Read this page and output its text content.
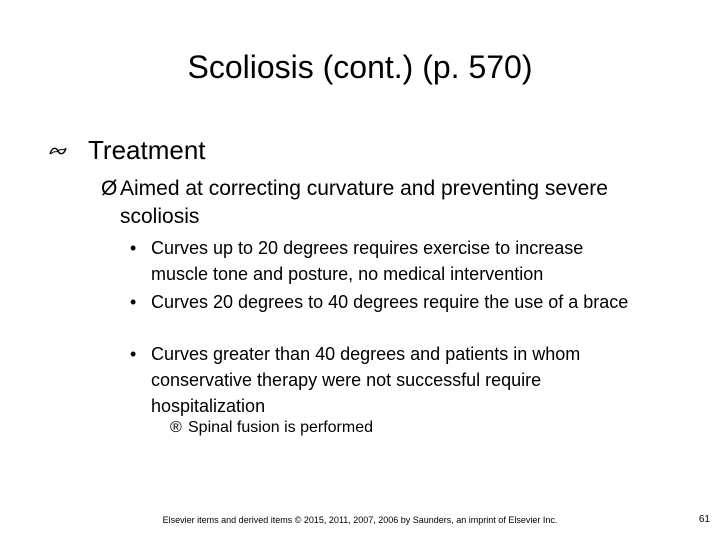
Scoliosis (cont.) (p. 570)
Treatment
Ø Aimed at correcting curvature and preventing severe scoliosis
• Curves up to 20 degrees requires exercise to increase muscle tone and posture, no medical intervention
• Curves 20 degrees to 40 degrees require the use of a brace
• Curves greater than 40 degrees and patients in whom conservative therapy were not successful require hospitalization
® Spinal fusion is performed
Elsevier items and derived items © 2015, 2011, 2007, 2006 by Saunders, an imprint of Elsevier Inc.	61
